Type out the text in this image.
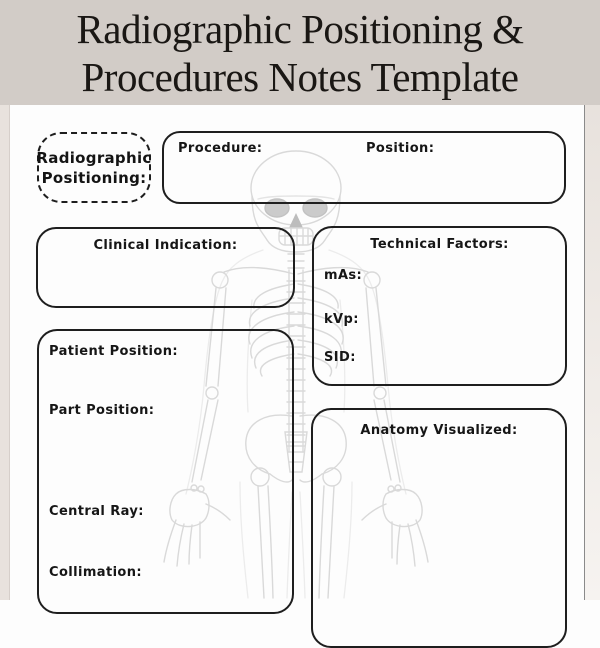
Radiographic Positioning &
Procedures Notes Template
Radiographic
Positioning:
Procedure:	Position:
Clinical Indication:	Technical Factors:
mAs:
kVp:
SID:
Patient Position:
Part Position:
Central Ray:
Collimation:
Anatomy Visualized:
